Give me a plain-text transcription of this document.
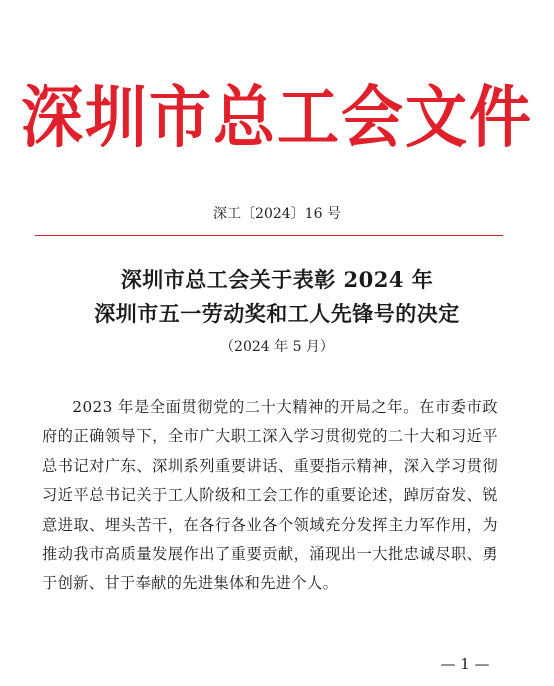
深圳市总工会文件
深工〔2024〕16 号
深圳市总工会关于表彰 2024 年
深圳市五一劳动奖和工人先锋号的决定
（2024 年 5 月）
2023 年是全面贯彻党的二十大精神的开局之年。在市委市政府的正确领导下，全市广大职工深入学习贯彻党的二十大和习近平总书记对广东、深圳系列重要讲话、重要指示精神，深入学习贯彻习近平总书记关于工人阶级和工会工作的重要论述，踔厉奋发、锐意进取、埋头苦干，在各行各业各个领域充分发挥主力军作用，为推动我市高质量发展作出了重要贡献，涌现出一大批忠诚尽职、勇于创新、甘于奉献的先进集体和先进个人。
— 1 —
